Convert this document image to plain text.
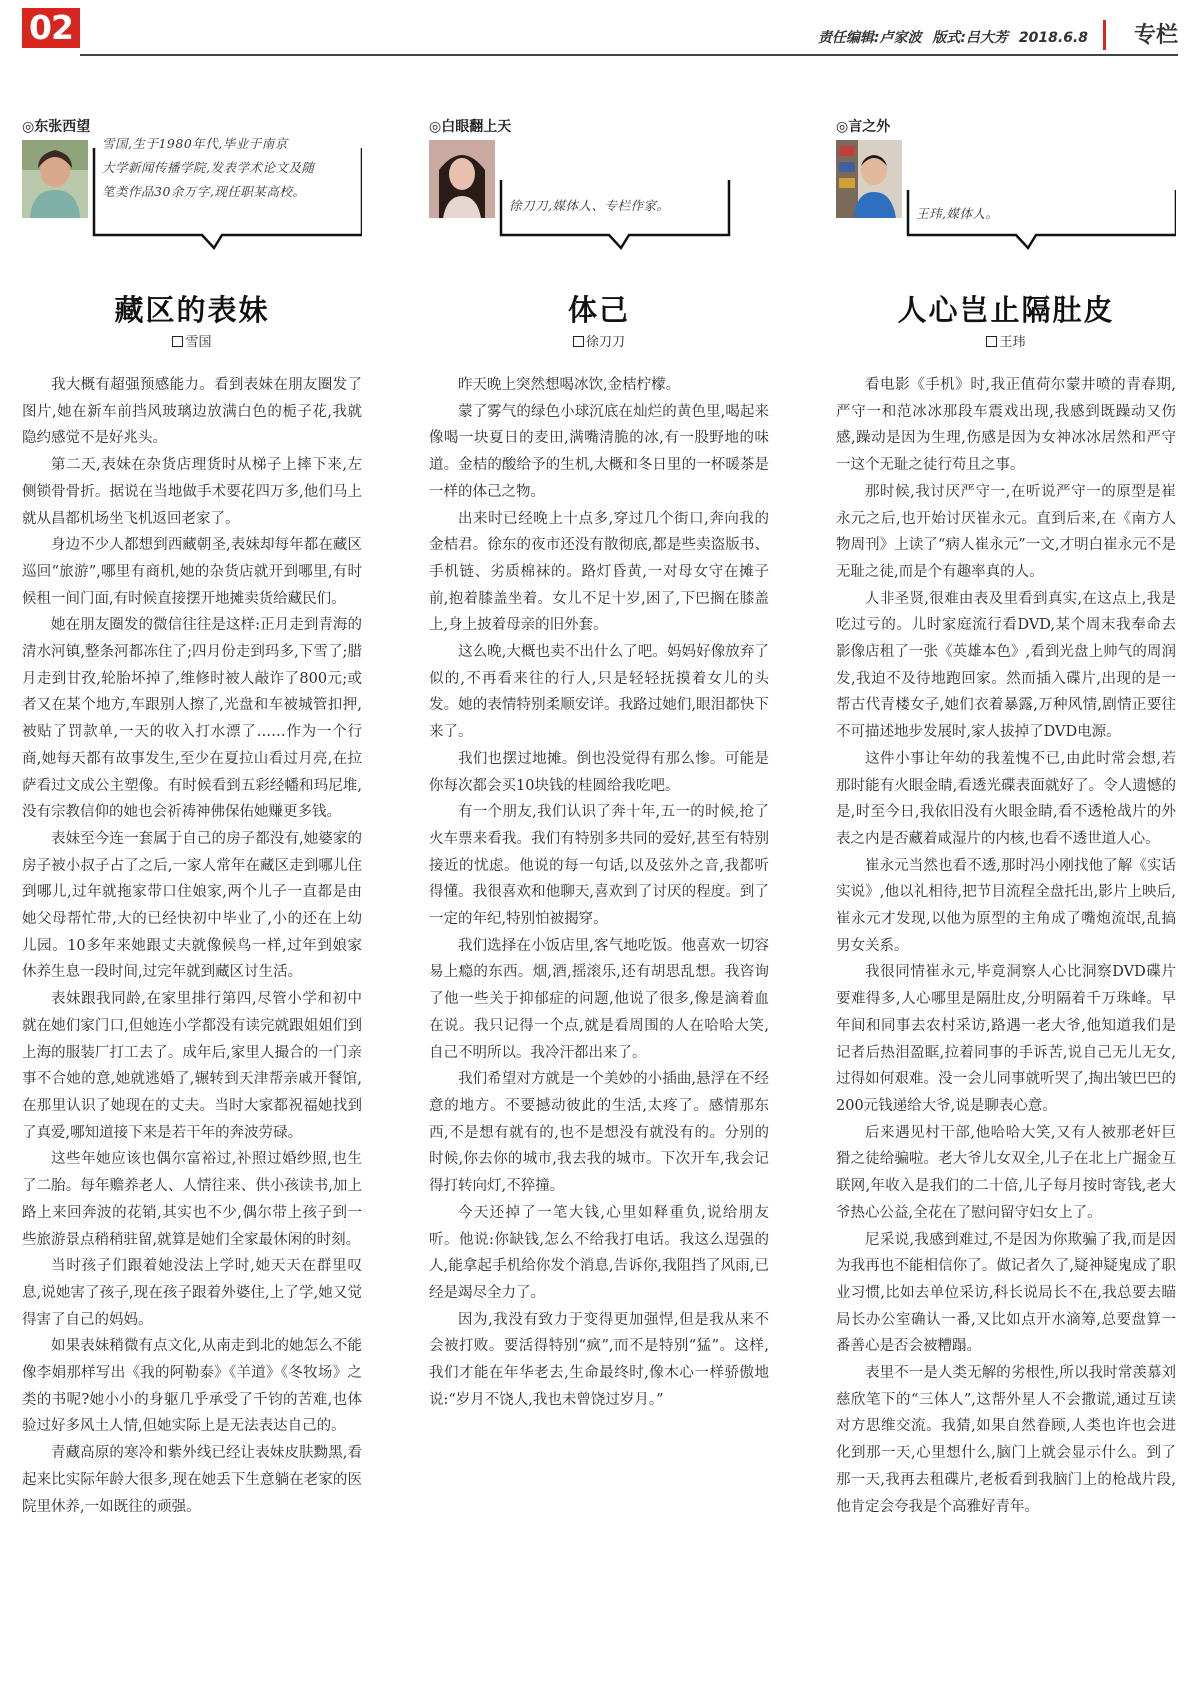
02	责任编辑:卢家波 版式:吕大芳 2018.6.8 专栏
◎东张西望
雪国,生于1980年代,毕业于南京
大学新闻传播学院,发表学术论文及随
笔类作品30余万字,现任职某高校。
藏区的表妹
雪国

我大概有超强预感能力。看到表妹在朋友圈发了图片,她在新车前挡风玻璃边放满白色的栀子花,我就隐约感觉不是好兆头。

第二天,表妹在杂货店理货时从梯子上摔下来,左侧锁骨骨折。据说在当地做手术要花四万多,他们马上就从昌都机场坐飞机返回老家了。

身边不少人都想到西藏朝圣,表妹却每年都在藏区巡回“旅游”,哪里有商机,她的杂货店就开到哪里,有时候租一间门面,有时候直接摆开地摊卖货给藏民们。

她在朋友圈发的微信往往是这样:正月走到青海的清水河镇,整条河都冻住了;四月份走到玛多,下雪了;腊月走到甘孜,轮胎坏掉了,维修时被人敲诈了800元;或者又在某个地方,车跟别人擦了,光盘和车被城管扣押,被贴了罚款单,一天的收入打水漂了……作为一个行商,她每天都有故事发生,至少在夏拉山看过月亮,在拉萨看过文成公主塑像。有时候看到五彩经幡和玛尼堆,没有宗教信仰的她也会祈祷神佛保佑她赚更多钱。

表妹至今连一套属于自己的房子都没有,她婆家的房子被小叔子占了之后,一家人常年在藏区走到哪儿住到哪儿,过年就拖家带口住娘家,两个儿子一直都是由她父母帮忙带,大的已经快初中毕业了,小的还在上幼儿园。10多年来她跟丈夫就像候鸟一样,过年到娘家休养生息一段时间,过完年就到藏区讨生活。

表妹跟我同龄,在家里排行第四,尽管小学和初中就在她们家门口,但她连小学都没有读完就跟姐姐们到上海的服装厂打工去了。成年后,家里人撮合的一门亲事不合她的意,她就逃婚了,辗转到天津帮亲戚开餐馆,在那里认识了她现在的丈夫。当时大家都祝福她找到了真爱,哪知道接下来是若干年的奔波劳碌。

这些年她应该也偶尔富裕过,补照过婚纱照,也生了二胎。每年赡养老人、人情往来、供小孩读书,加上路上来回奔波的花销,其实也不少,偶尔带上孩子到一些旅游景点稍稍驻留,就算是她们全家最休闲的时刻。

当时孩子们跟着她没法上学时,她天天在群里叹息,说她害了孩子,现在孩子跟着外婆住,上了学,她又觉得害了自己的妈妈。

如果表妹稍微有点文化,从南走到北的她怎么不能像李娟那样写出《我的阿勒泰》《羊道》《冬牧场》之类的书呢?她小小的身躯几乎承受了千钧的苦难,也体验过好多风土人情,但她实际上是无法表达自己的。

青藏高原的寒冷和紫外线已经让表妹皮肤黝黑,看起来比实际年龄大很多,现在她丢下生意躺在老家的医院里休养,一如既往的顽强。

◎白眼翻上天
徐刀刀,媒体人、专栏作家。
体己
徐刀刀

昨天晚上突然想喝冰饮,金桔柠檬。

蒙了雾气的绿色小球沉底在灿烂的黄色里,喝起来像喝一块夏日的麦田,满嘴清脆的冰,有一股野地的味道。金桔的酸给予的生机,大概和冬日里的一杯暖茶是一样的体己之物。

出来时已经晚上十点多,穿过几个街口,奔向我的金桔君。徐东的夜市还没有散彻底,都是些卖盗版书、手机链、劣质棉袜的。路灯昏黄,一对母女守在摊子前,抱着膝盖坐着。女儿不足十岁,困了,下巴搁在膝盖上,身上披着母亲的旧外套。

这么晚,大概也卖不出什么了吧。妈妈好像放弃了似的,不再看来往的行人,只是轻轻抚摸着女儿的头发。她的表情特别柔顺安详。我路过她们,眼泪都快下来了。

我们也摆过地摊。倒也没觉得有那么惨。可能是你每次都会买10块钱的桂圆给我吃吧。

有一个朋友,我们认识了奔十年,五一的时候,抢了火车票来看我。我们有特别多共同的爱好,甚至有特别接近的忧虑。他说的每一句话,以及弦外之音,我都听得懂。我很喜欢和他聊天,喜欢到了讨厌的程度。到了一定的年纪,特别怕被揭穿。

我们选择在小饭店里,客气地吃饭。他喜欢一切容易上瘾的东西。烟,酒,摇滚乐,还有胡思乱想。我咨询了他一些关于抑郁症的问题,他说了很多,像是滴着血在说。我只记得一个点,就是看周围的人在哈哈大笑,自己不明所以。我冷汗都出来了。

我们希望对方就是一个美妙的小插曲,悬浮在不经意的地方。不要撼动彼此的生活,太疼了。感情那东西,不是想有就有的,也不是想没有就没有的。分别的时候,你去你的城市,我去我的城市。下次开车,我会记得打转向灯,不猝撞。

今天还掉了一笔大钱,心里如释重负,说给朋友听。他说:你缺钱,怎么不给我打电话。我这么逞强的人,能拿起手机给你发个消息,告诉你,我阻挡了风雨,已经是竭尽全力了。

因为,我没有致力于变得更加强悍,但是我从来不会被打败。要活得特别“疯”,而不是特别“猛”。这样,我们才能在年华老去,生命最终时,像木心一样骄傲地说:“岁月不饶人,我也未曾饶过岁月。”

◎言之外
王玮,媒体人。
人心岂止隔肚皮
王玮

看电影《手机》时,我正值荷尔蒙井喷的青春期,严守一和范冰冰那段车震戏出现,我感到既躁动又伤感,躁动是因为生理,伤感是因为女神冰冰居然和严守一这个无耻之徒行苟且之事。

那时候,我讨厌严守一,在听说严守一的原型是崔永元之后,也开始讨厌崔永元。直到后来,在《南方人物周刊》上读了“病人崔永元”一文,才明白崔永元不是无耻之徒,而是个有趣率真的人。

人非圣贤,很难由表及里看到真实,在这点上,我是吃过亏的。儿时家庭流行看DVD,某个周末我奉命去影像店租了一张《英雄本色》,看到光盘上帅气的周润发,我迫不及待地跑回家。然而插入碟片,出现的是一帮古代青楼女子,她们衣着暴露,万种风情,剧情正要往不可描述地步发展时,家人拔掉了DVD电源。

这件小事让年幼的我羞愧不已,由此时常会想,若那时能有火眼金睛,看透光碟表面就好了。令人遗憾的是,时至今日,我依旧没有火眼金睛,看不透枪战片的外表之内是否藏着咸湿片的内核,也看不透世道人心。

崔永元当然也看不透,那时冯小刚找他了解《实话实说》,他以礼相待,把节目流程全盘托出,影片上映后,崔永元才发现,以他为原型的主角成了嘴炮流氓,乱搞男女关系。

我很同情崔永元,毕竟洞察人心比洞察DVD碟片要难得多,人心哪里是隔肚皮,分明隔着千万珠峰。早年间和同事去农村采访,路遇一老大爷,他知道我们是记者后热泪盈眶,拉着同事的手诉苦,说自己无儿无女,过得如何艰难。没一会儿同事就听哭了,掏出皱巴巴的200元钱递给大爷,说是聊表心意。

后来遇见村干部,他哈哈大笑,又有人被那老奸巨猾之徒给骗啦。老大爷儿女双全,儿子在北上广掘金互联网,年收入是我们的二十倍,儿子每月按时寄钱,老大爷热心公益,全花在了慰问留守妇女上了。

尼采说,我感到难过,不是因为你欺骗了我,而是因为我再也不能相信你了。做记者久了,疑神疑鬼成了职业习惯,比如去单位采访,科长说局长不在,我总要去瞄局长办公室确认一番,又比如点开水滴筹,总要盘算一番善心是否会被糟蹋。

表里不一是人类无解的劣根性,所以我时常羡慕刘慈欣笔下的“三体人”,这帮外星人不会撒谎,通过互读对方思维交流。我猜,如果自然眷顾,人类也许也会进化到那一天,心里想什么,脑门上就会显示什么。到了那一天,我再去租碟片,老板看到我脑门上的枪战片段,他肯定会夸我是个高雅好青年。
